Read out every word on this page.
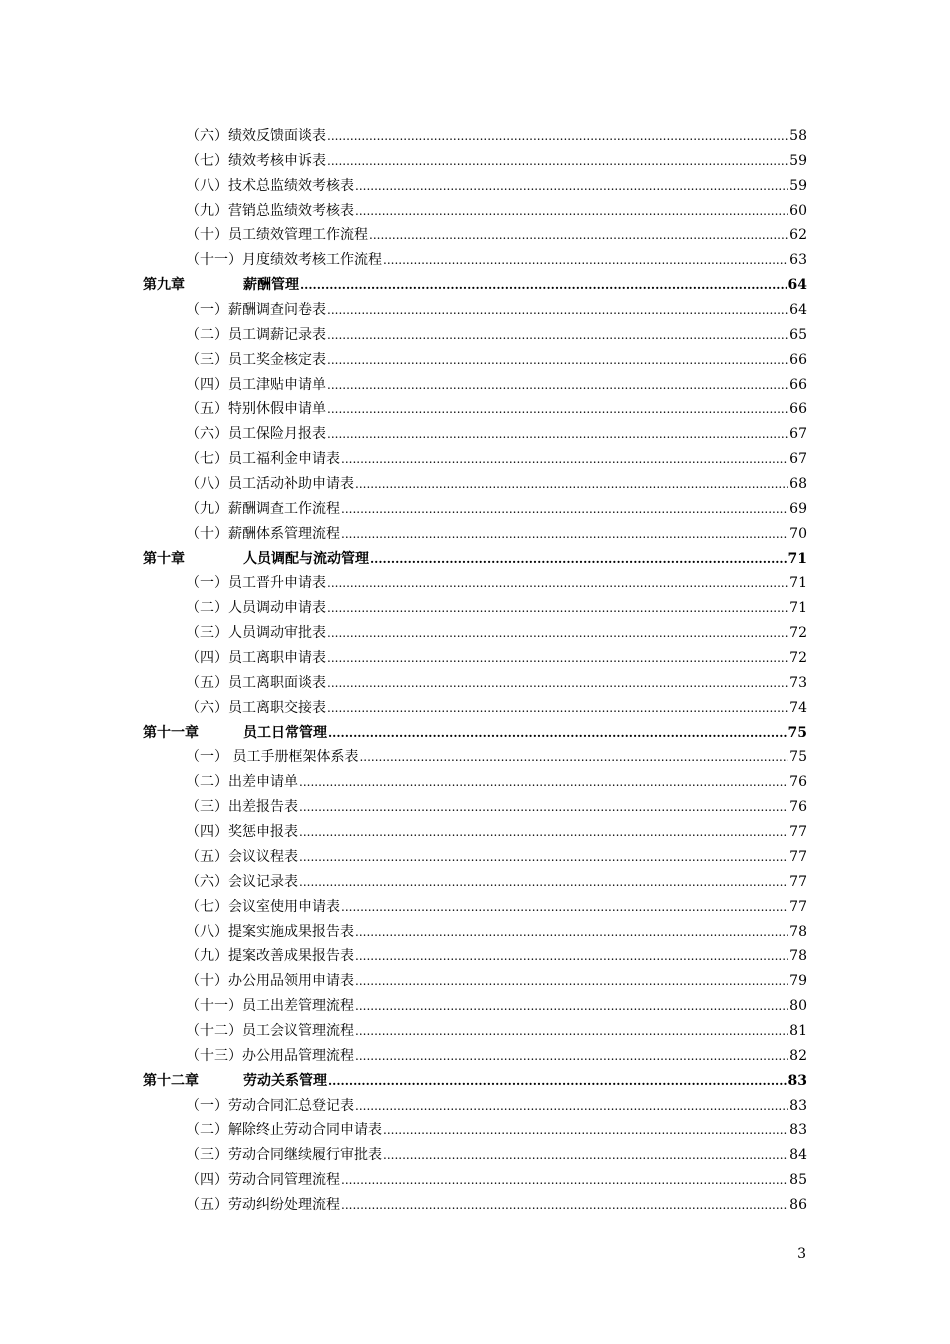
（六）绩效反馈面谈表 .....	58
（七）绩效考核申诉表 .....	59
（八）技术总监绩效考核表 .....	59
（九）营销总监绩效考核表 .....	60
（十）员工绩效管理工作流程 .....	62
（十一）月度绩效考核工作流程 .....	63
第九章	薪酬管理 .....	64
（一）薪酬调查问卷表 .....	64
（二）员工调薪记录表 .....	65
（三）员工奖金核定表 .....	66
（四）员工津贴申请单 .....	66
（五）特别休假申请单 .....	66
（六）员工保险月报表 .....	67
（七）员工福利金申请表 .....	67
（八）员工活动补助申请表 .....	68
（九）薪酬调查工作流程 .....	69
（十）薪酬体系管理流程 .....	70
第十章	人员调配与流动管理 .....	71
（一）员工晋升申请表 .....	71
（二）人员调动申请表 .....	71
（三）人员调动审批表 .....	72
（四）员工离职申请表 .....	72
（五）员工离职面谈表 .....	73
（六）员工离职交接表 .....	74
第十一章	员工日常管理 .....	75
（一） 员工手册框架体系表 .....	75
（二）出差申请单 .....	76
（三）出差报告表 .....	76
（四）奖惩申报表 .....	77
（五）会议议程表 .....	77
（六）会议记录表 .....	77
（七）会议室使用申请表 .....	77
（八）提案实施成果报告表 .....	78
（九）提案改善成果报告表 .....	78
（十）办公用品领用申请表 .....	79
（十一）员工出差管理流程 .....	80
（十二）员工会议管理流程 .....	81
（十三）办公用品管理流程 .....	82
第十二章	劳动关系管理 .....	83
（一）劳动合同汇总登记表 .....	83
（二）解除终止劳动合同申请表 .....	83
（三）劳动合同继续履行审批表 .....	84
（四）劳动合同管理流程 .....	85
（五）劳动纠纷处理流程 .....	86
3
